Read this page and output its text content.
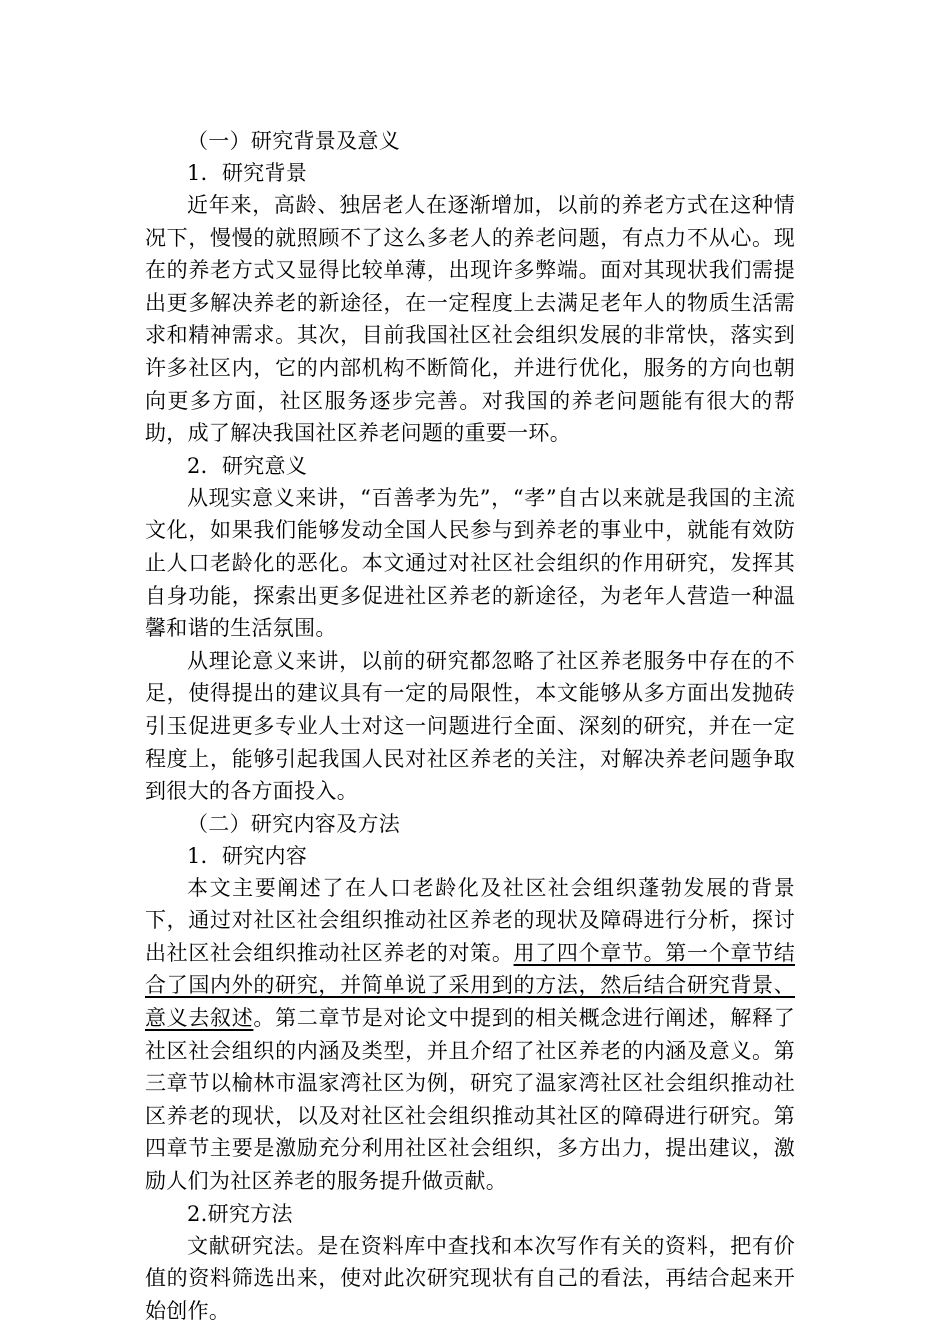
（一）研究背景及意义

1．研究背景

近年来，高龄、独居老人在逐渐增加，以前的养老方式在这种情况下，慢慢的就照顾不了这么多老人的养老问题，有点力不从心。现在的养老方式又显得比较单薄，出现许多弊端。面对其现状我们需提出更多解决养老的新途径，在一定程度上去满足老年人的物质生活需求和精神需求。其次，目前我国社区社会组织发展的非常快，落实到许多社区内，它的内部机构不断简化，并进行优化，服务的方向也朝向更多方面，社区服务逐步完善。对我国的养老问题能有很大的帮助，成了解决我国社区养老问题的重要一环。

2．研究意义

从现实意义来讲，“百善孝为先”，“孝”自古以来就是我国的主流文化，如果我们能够发动全国人民参与到养老的事业中，就能有效防止人口老龄化的恶化。本文通过对社区社会组织的作用研究，发挥其自身功能，探索出更多促进社区养老的新途径，为老年人营造一种温馨和谐的生活氛围。

从理论意义来讲，以前的研究都忽略了社区养老服务中存在的不足，使得提出的建议具有一定的局限性，本文能够从多方面出发抛砖引玉促进更多专业人士对这一问题进行全面、深刻的研究，并在一定程度上，能够引起我国人民对社区养老的关注，对解决养老问题争取到很大的各方面投入。

（二）研究内容及方法

1．研究内容

本文主要阐述了在人口老龄化及社区社会组织蓬勃发展的背景下，通过对社区社会组织推动社区养老的现状及障碍进行分析，探讨出社区社会组织推动社区养老的对策。用了四个章节。第一个章节结合了国内外的研究，并简单说了采用到的方法，然后结合研究背景、意义去叙述。第二章节是对论文中提到的相关概念进行阐述，解释了社区社会组织的内涵及类型，并且介绍了社区养老的内涵及意义。第三章节以榆林市温家湾社区为例，研究了温家湾社区社会组织推动社区养老的现状，以及对社区社会组织推动其社区的障碍进行研究。第四章节主要是激励充分利用社区社会组织，多方出力，提出建议，激励人们为社区养老的服务提升做贡献。

2.研究方法

文献研究法。是在资料库中查找和本次写作有关的资料，把有价值的资料筛选出来，使对此次研究现状有自己的看法，再结合起来开始创作。
